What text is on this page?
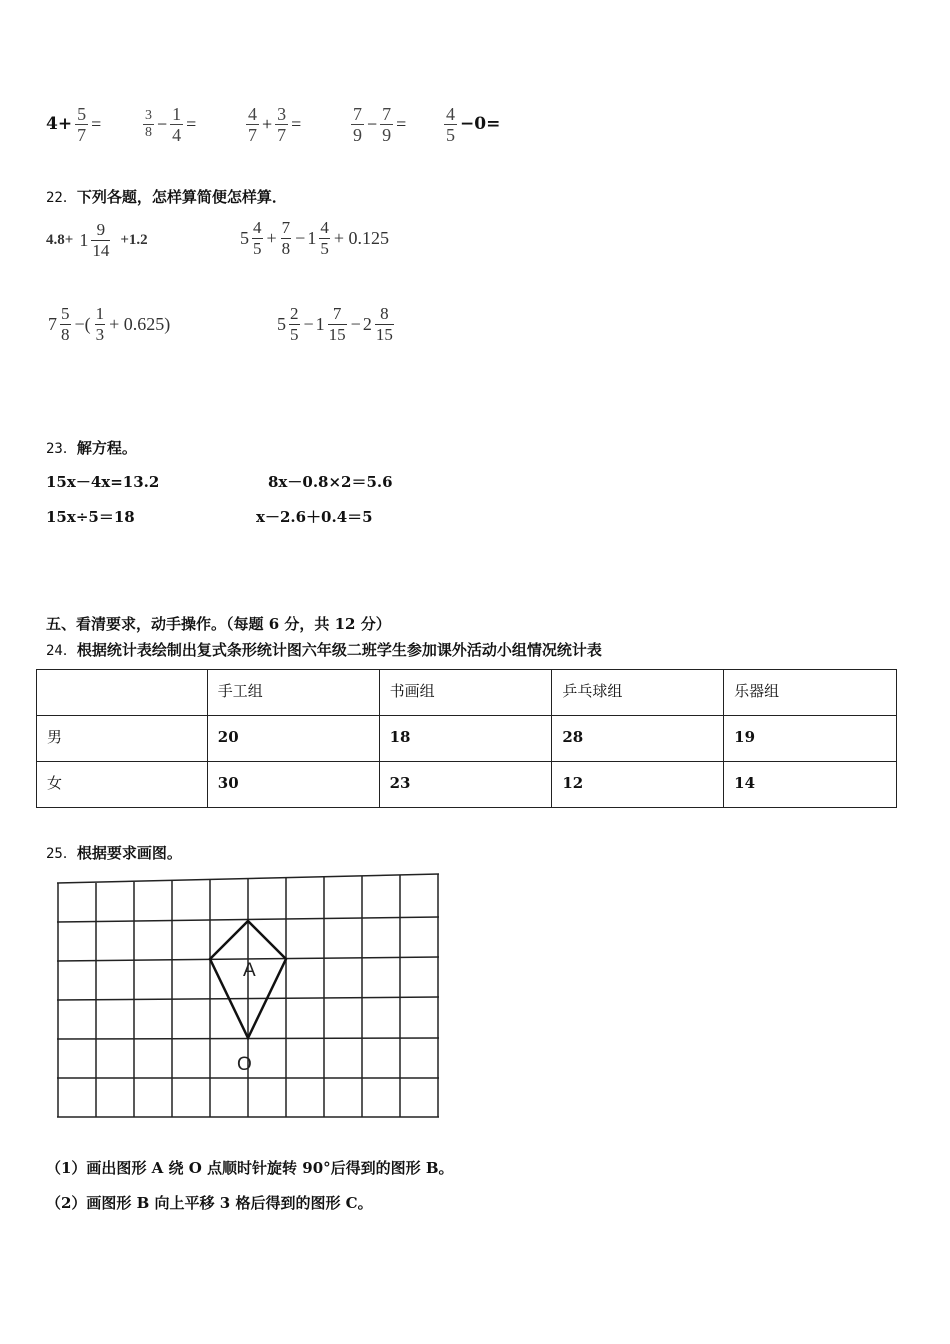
$4+ \frac{5}{7}$ =	$\frac{3}{8} - \frac{1}{4}$ =	$\frac{4}{7} + \frac{3}{7}$ =	$\frac{7}{9} - \frac{7}{9} = \frac{4}{5} -0=$
22．下列各题，怎样算简便怎样算．
4.8+ 1
9
14
+1.2	5
4
5
+ $\frac{7}{8} - 1$
4
5
+ 0.125
7
5
8
−(
1
3
+ 0.625)	5
2
5
− 1
7
15
− 2
8
15
23．解方程。
15x－4x=13.2	8x－0.8×2＝5.6
15x÷5＝18	x－2.6＋0.4＝5
五、看清要求，动手操作。（每题 6 分，共 12 分）
24．根据统计表绘制出复式条形统计图六年级二班学生参加课外活动小组情况统计表
	手工组	书画组	乒乓球组	乐器组
男	20	18	28	19
女	30	23	12	14
25．根据要求画图。
A
O
（1）画出图形 A 绕 O 点顺时针旋转 90°后得到的图形 B。
（2）画图形 B 向上平移 3 格后得到的图形 C。
